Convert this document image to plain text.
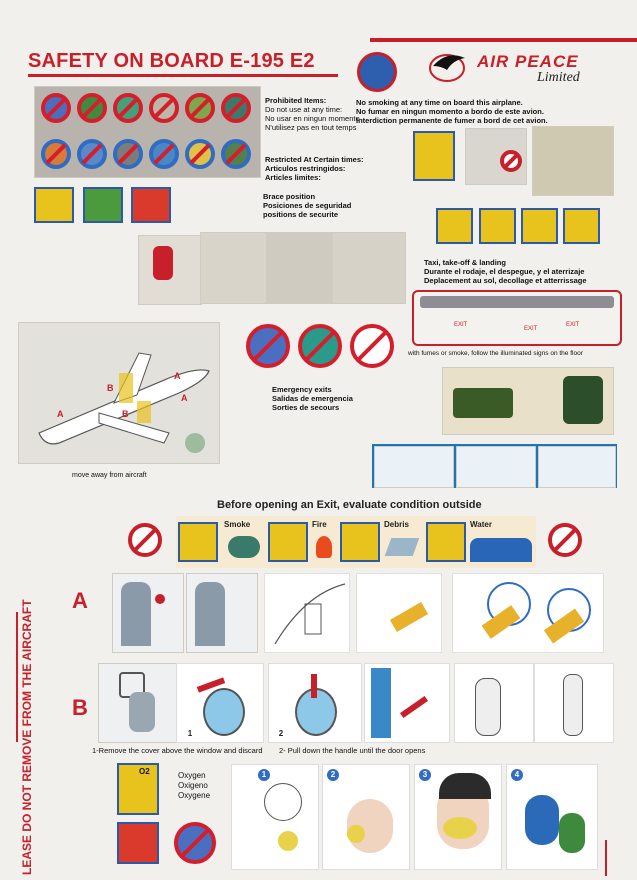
SAFETY ON BOARD E-195 E2	AIR PEACE
Limited
Prohibited Items:
Do not use at any time:
No usar en ningun momento
N'utilisez pas en tout temps
Restricted At Certain times:
Articulos restringidos:
Articles limites:
No smoking at any time on board this airplane.
No fumar en ningun momento a bordo de este avion.
Interdiction permanente de fumer a bord de cet avion.
Brace position
Posiciones de seguridad
positions de securite
Taxi, take-off & landing
Durante el rodaje, el despegue, y el aterrizaje
Deplacement au sol, decollage et atterrissage
EXIT
EXIT
EXIT
with fumes or smoke, follow the illuminated signs on the floor
B
A
A	B
A
move away from aircraft
Emergency exits
Salidas de emergencia
Sorties de secours
Before opening an Exit, evaluate condition outside
Smoke	Fire	Debris	Water
A
B
1	2
1-Remove the cover above the window and discard 2- Pull down the handle until the door opens
O2	Oxygen
Oxigeno
Oxygene
1	2	3	4
LEASE DO NOT REMOVE FROM THE AIRCRAFT
